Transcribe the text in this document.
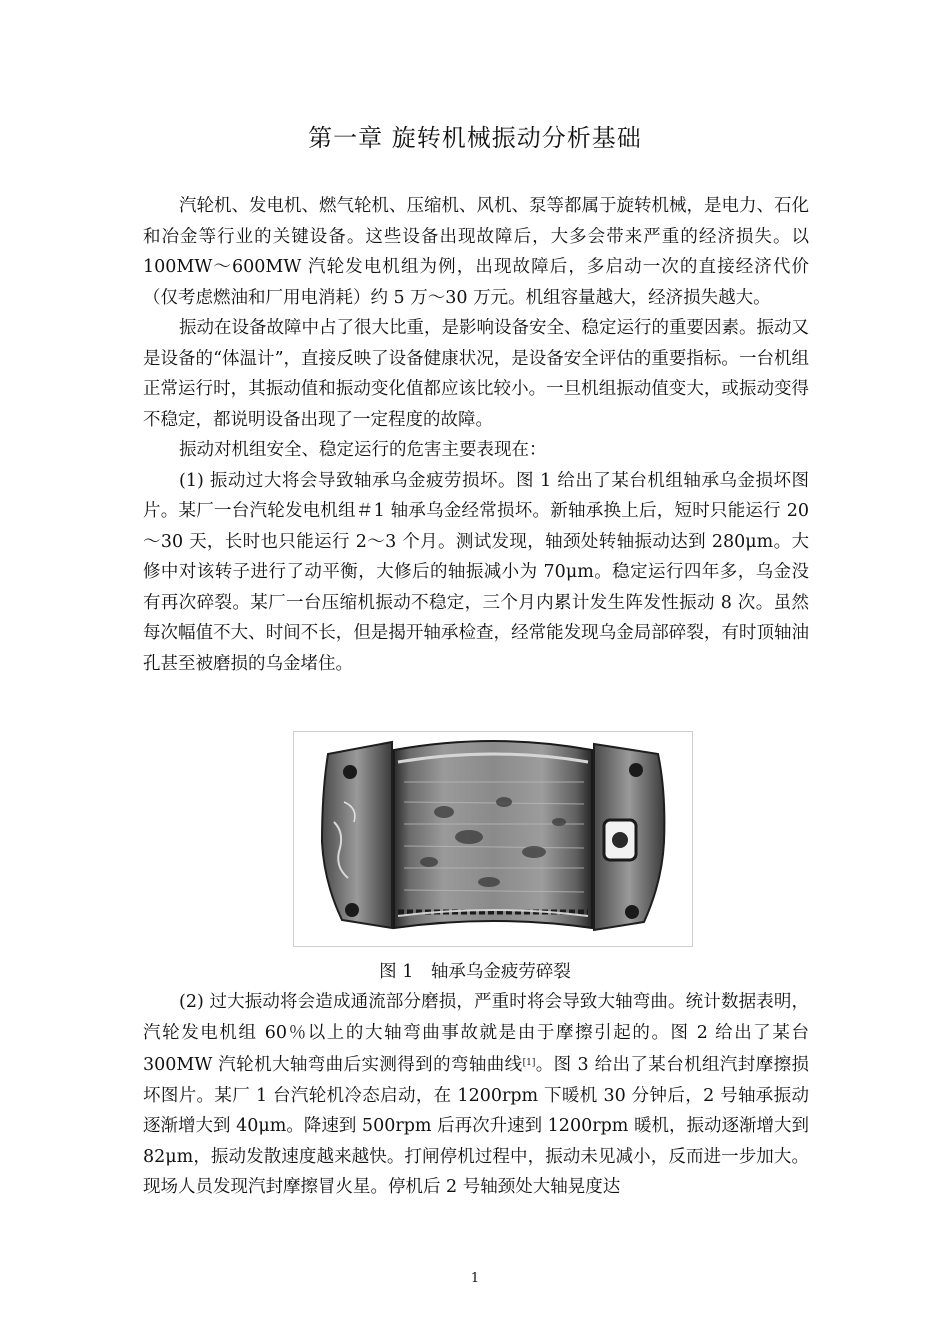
第一章 旋转机械振动分析基础

汽轮机、发电机、燃气轮机、压缩机、风机、泵等都属于旋转机械，是电力、石化和冶金等行业的关键设备。这些设备出现故障后，大多会带来严重的经济损失。以 100MW～600MW 汽轮发电机组为例，出现故障后，多启动一次的直接经济代价（仅考虑燃油和厂用电消耗）约 5 万～30 万元。机组容量越大，经济损失越大。

振动在设备故障中占了很大比重，是影响设备安全、稳定运行的重要因素。振动又是设备的“体温计”，直接反映了设备健康状况，是设备安全评估的重要指标。一台机组正常运行时，其振动值和振动变化值都应该比较小。一旦机组振动值变大，或振动变得不稳定，都说明设备出现了一定程度的故障。

振动对机组安全、稳定运行的危害主要表现在：

(1) 振动过大将会导致轴承乌金疲劳损坏。图 1 给出了某台机组轴承乌金损坏图片。某厂一台汽轮发电机组＃1 轴承乌金经常损坏。新轴承换上后，短时只能运行 20～30 天，长时也只能运行 2～3 个月。测试发现，轴颈处转轴振动达到 280μm。大修中对该转子进行了动平衡，大修后的轴振减小为 70μm。稳定运行四年多，乌金没有再次碎裂。某厂一台压缩机振动不稳定，三个月内累计发生阵发性振动 8 次。虽然每次幅值不大、时间不长，但是揭开轴承检查，经常能发现乌金局部碎裂，有时顶轴油孔甚至被磨损的乌金堵住。

图 1　轴承乌金疲劳碎裂

(2) 过大振动将会造成通流部分磨损，严重时将会导致大轴弯曲。统计数据表明，汽轮发电机组 60％以上的大轴弯曲事故就是由于摩擦引起的。图 2 给出了某台 300MW 汽轮机大轴弯曲后实测得到的弯轴曲线[1]。图 3 给出了某台机组汽封摩擦损坏图片。某厂 1 台汽轮机冷态启动，在 1200rpm 下暖机 30 分钟后，2 号轴承振动逐渐增大到 40μm。降速到 500rpm 后再次升速到 1200rpm 暖机，振动逐渐增大到 82μm，振动发散速度越来越快。打闸停机过程中，振动未见减小，反而进一步加大。现场人员发现汽封摩擦冒火星。停机后 2 号轴颈处大轴晃度达

1
